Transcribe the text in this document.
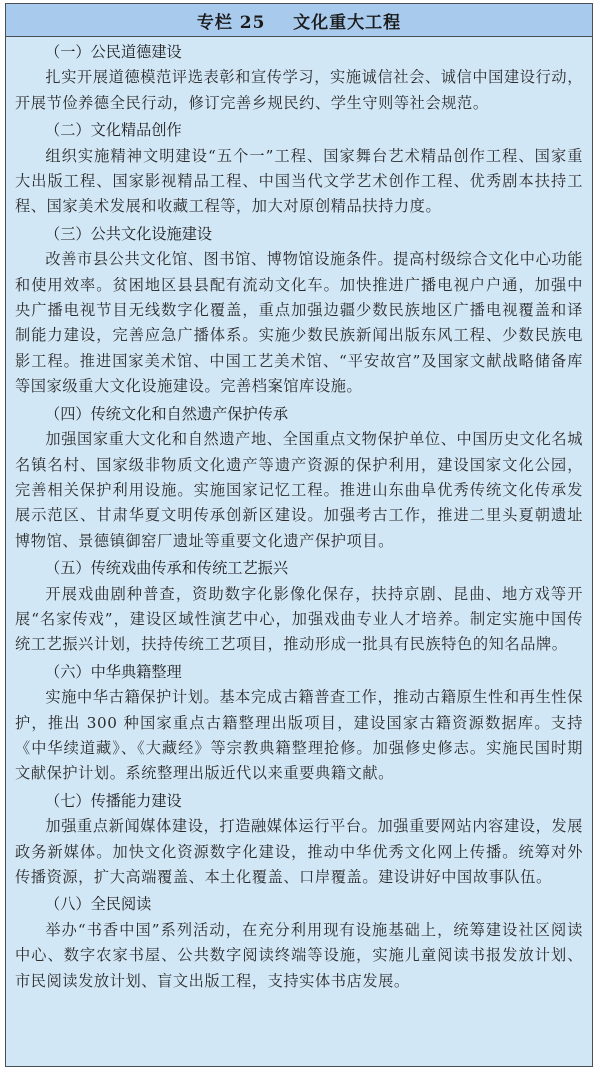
专栏 25    文化重大工程

（一）公民道德建设

扎实开展道德模范评选表彰和宣传学习，实施诚信社会、诚信中国建设行动，开展节俭养德全民行动，修订完善乡规民约、学生守则等社会规范。

（二）文化精品创作

组织实施精神文明建设“五个一”工程、国家舞台艺术精品创作工程、国家重大出版工程、国家影视精品工程、中国当代文学艺术创作工程、优秀剧本扶持工程、国家美术发展和收藏工程等，加大对原创精品扶持力度。

（三）公共文化设施建设

改善市县公共文化馆、图书馆、博物馆设施条件。提高村级综合文化中心功能和使用效率。贫困地区县县配有流动文化车。加快推进广播电视户户通，加强中央广播电视节目无线数字化覆盖，重点加强边疆少数民族地区广播电视覆盖和译制能力建设，完善应急广播体系。实施少数民族新闻出版东风工程、少数民族电影工程。推进国家美术馆、中国工艺美术馆、“平安故宫”及国家文献战略储备库等国家级重大文化设施建设。完善档案馆库设施。

（四）传统文化和自然遗产保护传承

加强国家重大文化和自然遗产地、全国重点文物保护单位、中国历史文化名城名镇名村、国家级非物质文化遗产等遗产资源的保护利用，建设国家文化公园，完善相关保护利用设施。实施国家记忆工程。推进山东曲阜优秀传统文化传承发展示范区、甘肃华夏文明传承创新区建设。加强考古工作，推进二里头夏朝遗址博物馆、景德镇御窑厂遗址等重要文化遗产保护项目。

（五）传统戏曲传承和传统工艺振兴

开展戏曲剧种普查，资助数字化影像化保存，扶持京剧、昆曲、地方戏等开展“名家传戏”，建设区域性演艺中心，加强戏曲专业人才培养。制定实施中国传统工艺振兴计划，扶持传统工艺项目，推动形成一批具有民族特色的知名品牌。

（六）中华典籍整理

实施中华古籍保护计划。基本完成古籍普查工作，推动古籍原生性和再生性保护，推出 300 种国家重点古籍整理出版项目，建设国家古籍资源数据库。支持《中华续道藏》、《大藏经》等宗教典籍整理抢修。加强修史修志。实施民国时期文献保护计划。系统整理出版近代以来重要典籍文献。

（七）传播能力建设

加强重点新闻媒体建设，打造融媒体运行平台。加强重要网站内容建设，发展政务新媒体。加快文化资源数字化建设，推动中华优秀文化网上传播。统筹对外传播资源，扩大高端覆盖、本土化覆盖、口岸覆盖。建设讲好中国故事队伍。

（八）全民阅读

举办“书香中国”系列活动，在充分利用现有设施基础上，统筹建设社区阅读中心、数字农家书屋、公共数字阅读终端等设施，实施儿童阅读书报发放计划、市民阅读发放计划、盲文出版工程，支持实体书店发展。
